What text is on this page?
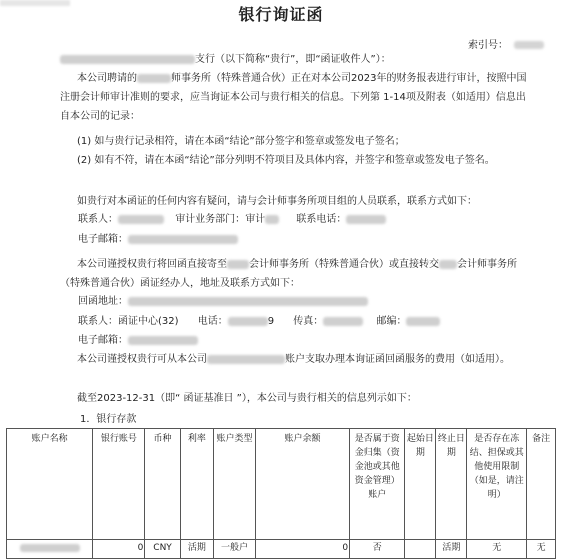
银行询证函
索引号：
支行（以下简称“贵行”，即“函证收件人”）：
本公司聘请的	师事务所（特殊普通合伙）正在对本公司2023年的财务报表进行审计，按照中国注册会计师审计准则的要求，应当询证本公司与贵行相关的信息。下列第 1-14项及附表（如适用）信息出自本公司的记录：
(1) 如与贵行记录相符，请在本函“结论”部分签字和签章或签发电子签名；
(2) 如有不符，请在本函“结论”部分列明不符项目及具体内容，并签字和签章或签发电子签名。
如贵行对本函证的任何内容有疑问，请与会计师事务所项目组的人员联系，联系方式如下：
联系人：	审计业务部门：审计	联系电话：
电子邮箱：
本公司谨授权贵行将回函直接寄至 会计师事务所（特殊普通合伙）或直接转交 会计师事务所（特殊普通合伙）函证经办人，地址及联系方式如下：
回函地址：
联系人：函证中心(32) 电话：	9 传真：	邮编：
电子邮箱：
本公司谨授权贵行可从本公司	账户支取办理本询证函回函服务的费用（如适用）。
截至2023-12-31（即“ 函证基准日 ”），本公司与贵行相关的信息列示如下：
1．银行存款
账户名称	银行账号	币种	利率	账户类型	账户余额	是否属于资金归集（资金池或其他资金管理）账户	起始日期	终止日期	是否存在冻结、担保或其他使用限制（如是，请注明）	备注
	0	CNY	活期	一般户	0	否		活期	无	无
